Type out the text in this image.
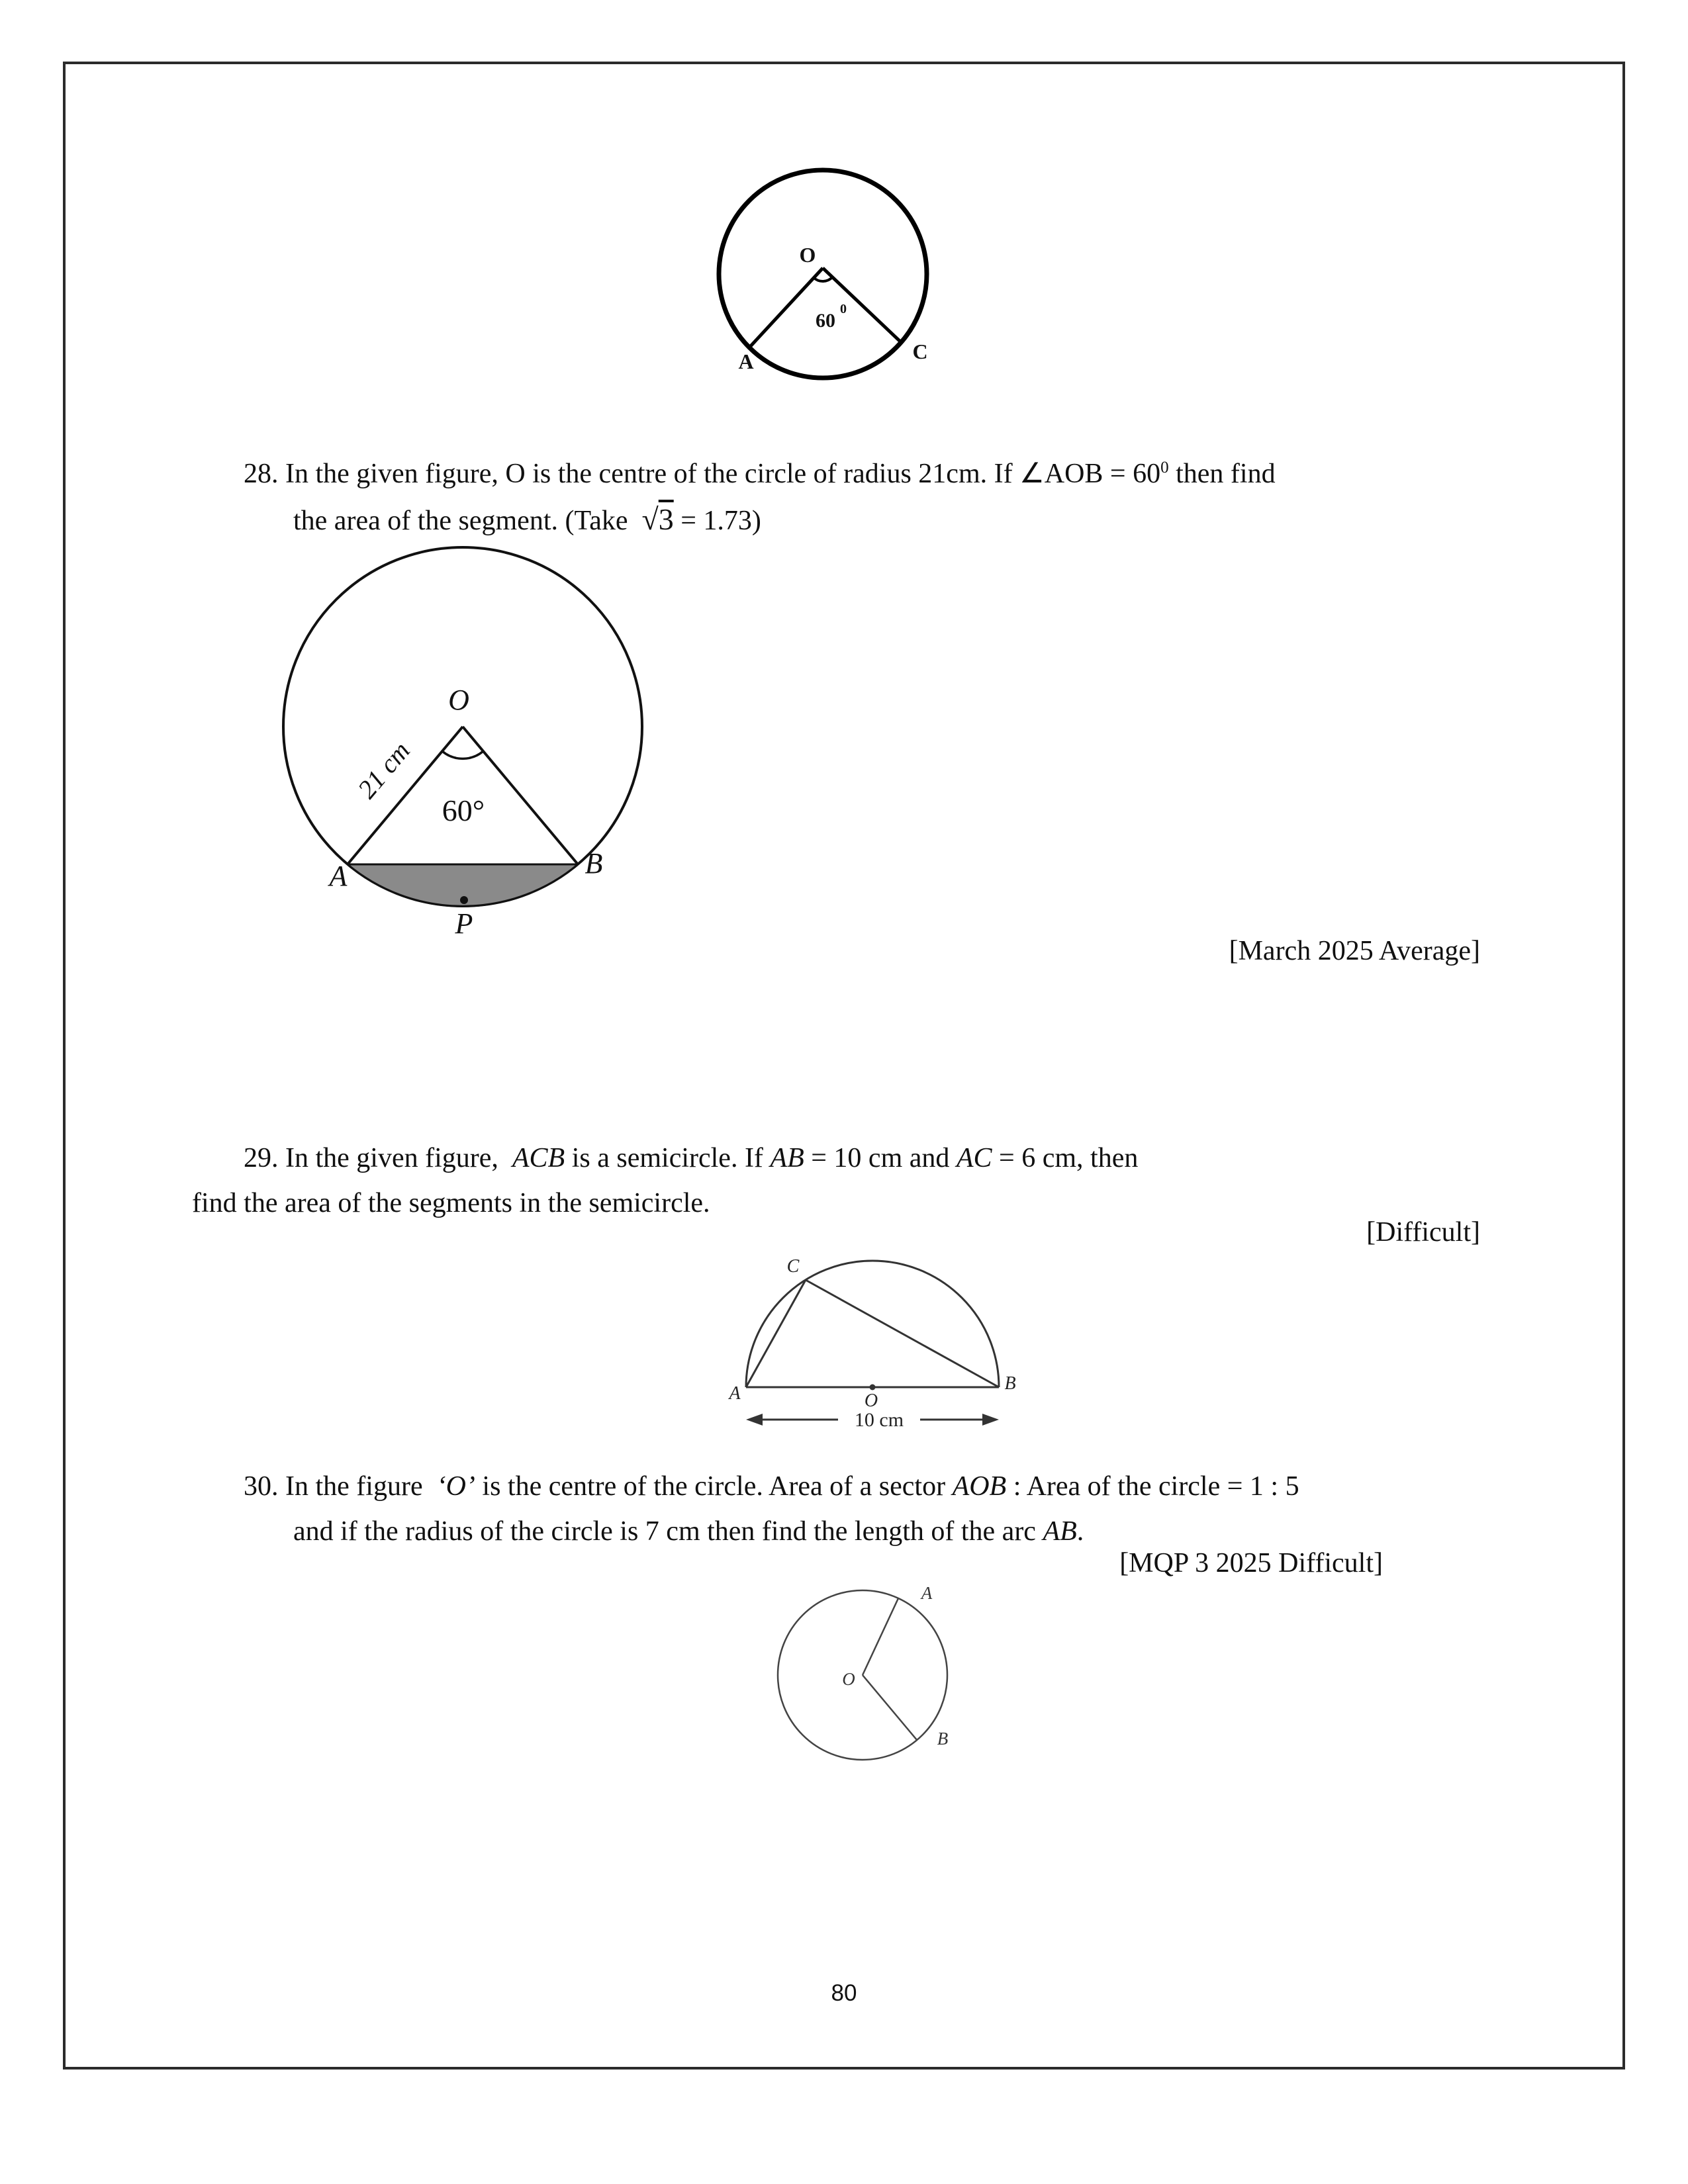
O
60
0
A	C
O
21 cm
60°
A	B
P
A	B
C
O
10 cm
O
A
B

28. In the given figure, O is the centre of the circle of radius 21cm. If ∠AOB = $60^0$ then find

the area of the segment. (Take  √3 = 1.73)

[March 2025 Average]

29. In the given figure,  ACB is a semicircle. If AB = 10 cm and AC = 6 cm, then

find the area of the segments in the semicircle.

[Difficult]

30. In the figure  ‘O’ is the centre of the circle. Area of a sector AOB : Area of the circle = 1 : 5

and if the radius of the circle is 7 cm then find the length of the arc AB.

[MQP 3 2025 Difficult]

80
